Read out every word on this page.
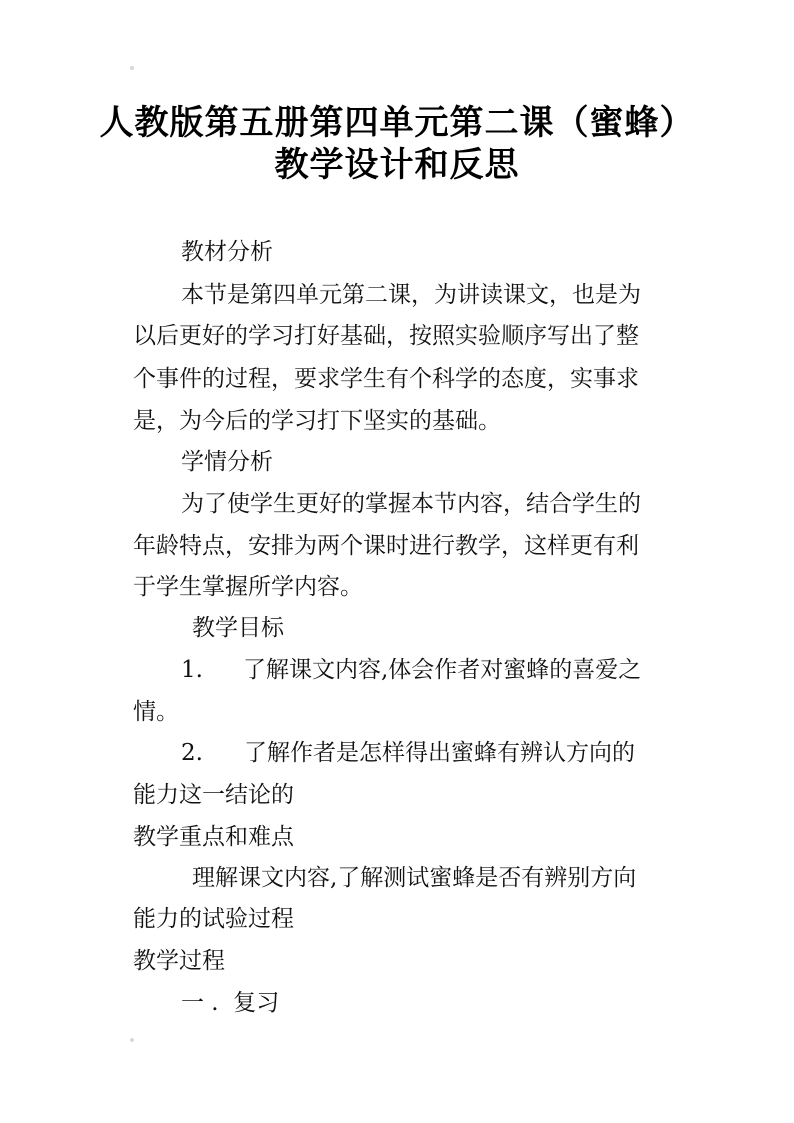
人教版第五册第四单元第二课（蜜蜂）
教学设计和反思
教材分析
本节是第四单元第二课，为讲读课文，也是为
以后更好的学习打好基础，按照实验顺序写出了整
个事件的过程，要求学生有个科学的态度，实事求
是，为今后的学习打下坚实的基础。
学情分析
为了使学生更好的掌握本节内容，结合学生的
年龄特点，安排为两个课时进行教学，这样更有利
于学生掌握所学内容。
教学目标
1. 了解课文内容,体会作者对蜜蜂的喜爱之
情。
2. 了解作者是怎样得出蜜蜂有辨认方向的
能力这一结论的
教学重点和难点
理解课文内容,了解测试蜜蜂是否有辨别方向
能力的试验过程
教学过程
一 .  复习
